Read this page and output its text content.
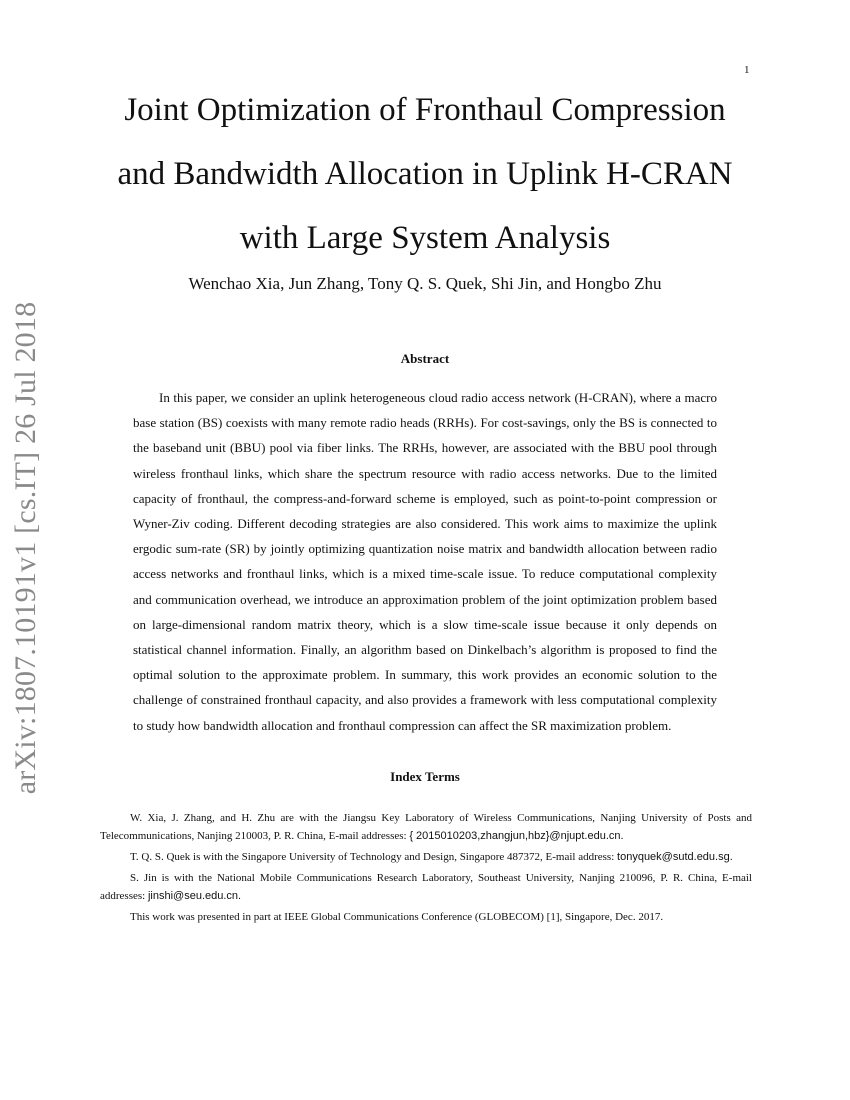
1
arXiv:1807.10191v1 [cs.IT] 26 Jul 2018
Joint Optimization of Fronthaul Compression
and Bandwidth Allocation in Uplink H-CRAN
with Large System Analysis
Wenchao Xia, Jun Zhang, Tony Q. S. Quek, Shi Jin, and Hongbo Zhu
Abstract

In this paper, we consider an uplink heterogeneous cloud radio access network (H-CRAN), where a macro base station (BS) coexists with many remote radio heads (RRHs). For cost-savings, only the BS is connected to the baseband unit (BBU) pool via fiber links. The RRHs, however, are associated with the BBU pool through wireless fronthaul links, which share the spectrum resource with radio access networks. Due to the limited capacity of fronthaul, the compress-and-forward scheme is employed, such as point-to-point compression or Wyner-Ziv coding. Different decoding strategies are also considered. This work aims to maximize the uplink ergodic sum-rate (SR) by jointly optimizing quantization noise matrix and bandwidth allocation between radio access networks and fronthaul links, which is a mixed time-scale issue. To reduce computational complexity and communication overhead, we introduce an approximation problem of the joint optimization problem based on large-dimensional random matrix theory, which is a slow time-scale issue because it only depends on statistical channel information. Finally, an algorithm based on Dinkelbach’s algorithm is proposed to find the optimal solution to the approximate problem. In summary, this work provides an economic solution to the challenge of constrained fronthaul capacity, and also provides a framework with less computational complexity to study how bandwidth allocation and fronthaul compression can affect the SR maximization problem.

Index Terms

W. Xia, J. Zhang, and H. Zhu are with the Jiangsu Key Laboratory of Wireless Communications, Nanjing University of Posts and Telecommunications, Nanjing 210003, P. R. China, E-mail addresses: { 2015010203,zhangjun,hbz}@njupt.edu.cn.

T. Q. S. Quek is with the Singapore University of Technology and Design, Singapore 487372, E-mail address: tonyquek@sutd.edu.sg.

S. Jin is with the National Mobile Communications Research Laboratory, Southeast University, Nanjing 210096, P. R. China, E-mail addresses: jinshi@seu.edu.cn.

This work was presented in part at IEEE Global Communications Conference (GLOBECOM) [1], Singapore, Dec. 2017.
